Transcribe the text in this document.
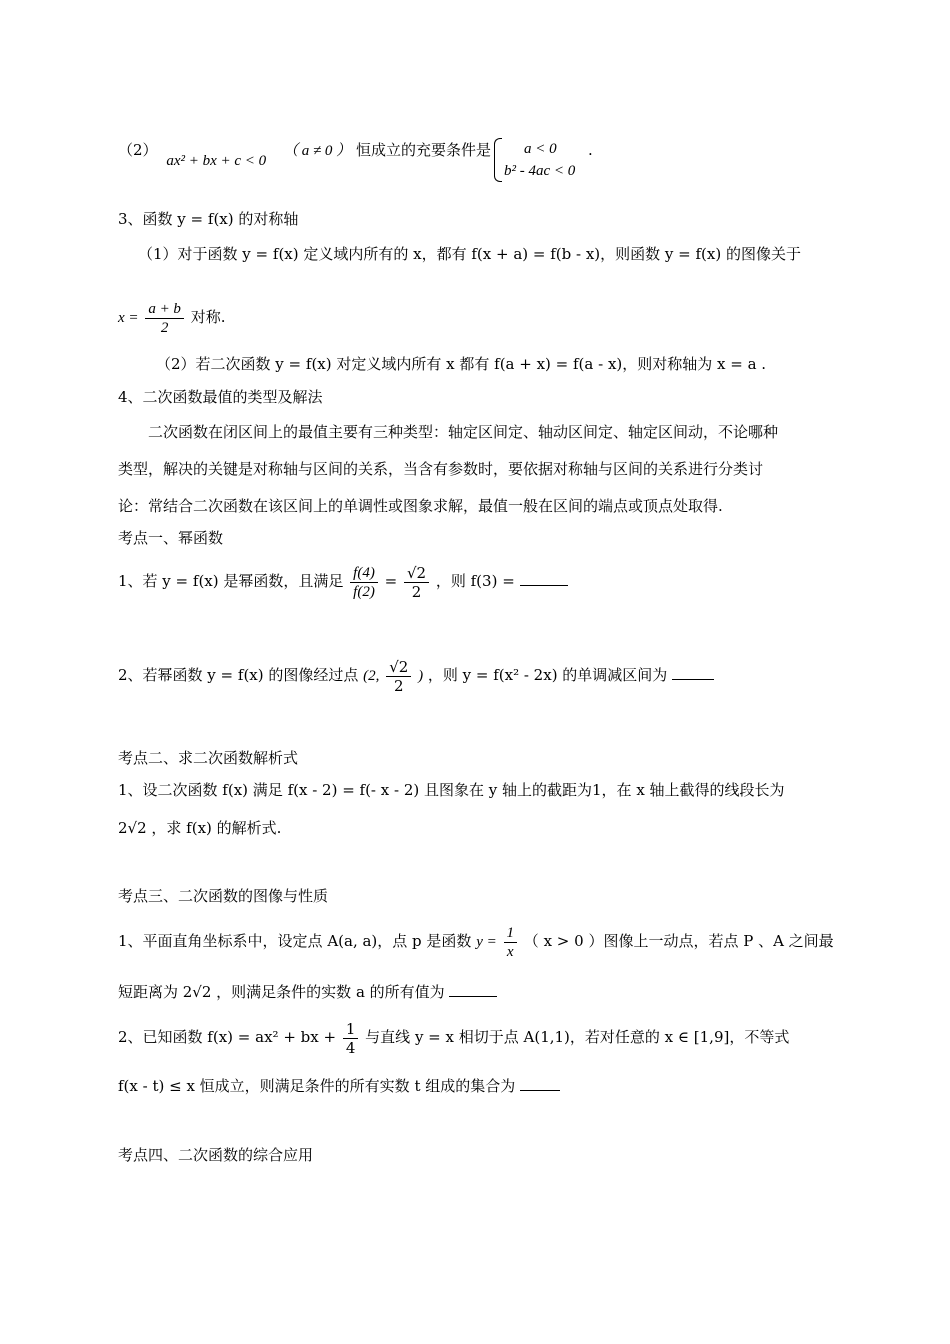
（2） ax² + bx + c < 0 （ a ≠ 0 ） 恒成立的充要条件是	a < 0
b² - 4ac < 0
.
3、函数 y = f(x) 的对称轴
（1）对于函数 y = f(x) 定义域内所有的 x，都有 f(x + a) = f(b - x)，则函数 y = f(x) 的图像关于
$x = \frac{a + b}{2}$ 对称.
（2）若二次函数 y = f(x) 对定义域内所有 x 都有 f(a + x) = f(a - x)，则对称轴为 x = a .
4、二次函数最值的类型及解法
二次函数在闭区间上的最值主要有三种类型：轴定区间定、轴动区间定、轴定区间动，不论哪种
类型，解决的关键是对称轴与区间的关系，当含有参数时，要依据对称轴与区间的关系进行分类讨
论：常结合二次函数在该区间上的单调性或图象求解，最值一般在区间的端点或顶点处取得.
考点一、幂函数
1、若 y = f(x) 是幂函数，且满足 $\frac{f(4)}{f(2)} = \frac{√2}{2}$ ，则 f(3) =
2、若幂函数 y = f(x) 的图像经过点 (2, $\frac{√2}{2}$ ) ，则 y = f(x² - 2x) 的单调减区间为
考点二、求二次函数解析式
1、设二次函数 f(x) 满足 f(x - 2) = f(- x - 2) 且图象在 y 轴上的截距为1，在 x 轴上截得的线段长为
2√2 ，求 f(x) 的解析式.
考点三、二次函数的图像与性质
1、平面直角坐标系中，设定点 A(a, a)，点 p 是函数 $y = \frac{1}{x}$ （ x > 0 ）图像上一动点，若点 P 、A 之间最
短距离为 2√2 ，则满足条件的实数 a 的所有值为
2、已知函数 f(x) = ax² + bx + $\frac{1}{4}$ 与直线 y = x 相切于点 A(1,1)，若对任意的 x ∈ [1,9]，不等式
f(x - t) ≤ x 恒成立，则满足条件的所有实数 t 组成的集合为
考点四、二次函数的综合应用
